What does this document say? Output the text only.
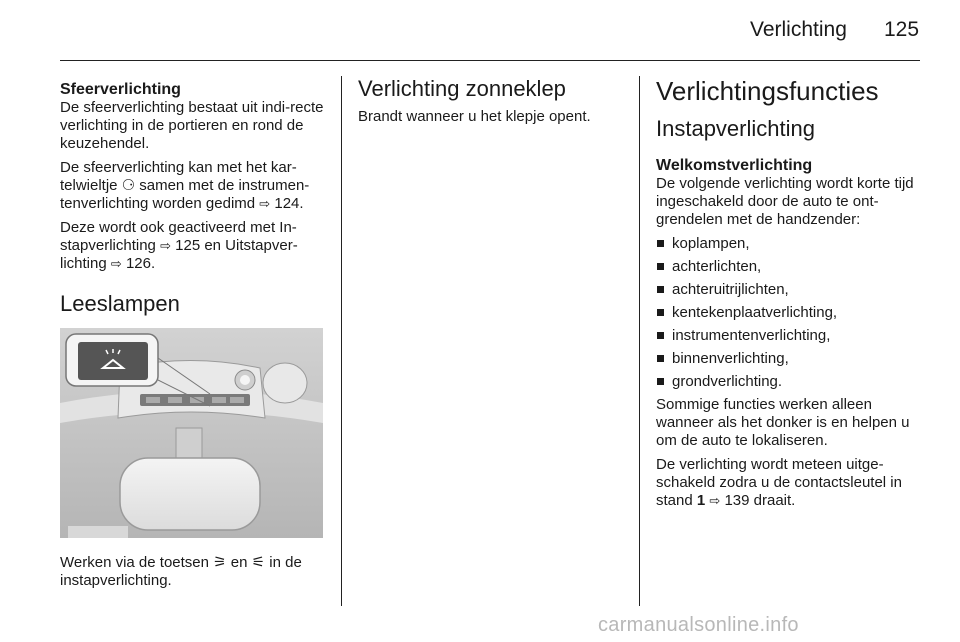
Verlichting 125
Sfeerverlichting

De sfeerverlichting bestaat uit indi-recte verlichting in de portieren en rond de keuzehendel.

De sfeerverlichting kan met het kar-telwieltje ⚆ samen met de instrumen-tenverlichting worden gedimd ⇨ 124.

Deze wordt ook geactiveerd met In-stapverlichting ⇨ 125 en Uitstapver-lichting ⇨ 126.

Leeslampen
Werken via de toetsen ⚞ en ⚟ in de instapverlichting.
Verlichting zonneklep

Brandt wanneer u het klepje opent.

Verlichtingsfuncties
Instapverlichting
Welkomstverlichting

De volgende verlichting wordt korte tijd ingeschakeld door de auto te ont-grendelen met de handzender:

koplampen,
achterlichten,
achteruitrijlichten,
kentekenplaatverlichting,
instrumentenverlichting,
binnenverlichting,
grondverlichting.

Sommige functies werken alleen wanneer als het donker is en helpen u om de auto te lokaliseren.

De verlichting wordt meteen uitge-schakeld zodra u de contactsleutel in stand 1 ⇨ 139 draait.

carmanualsonline.info
